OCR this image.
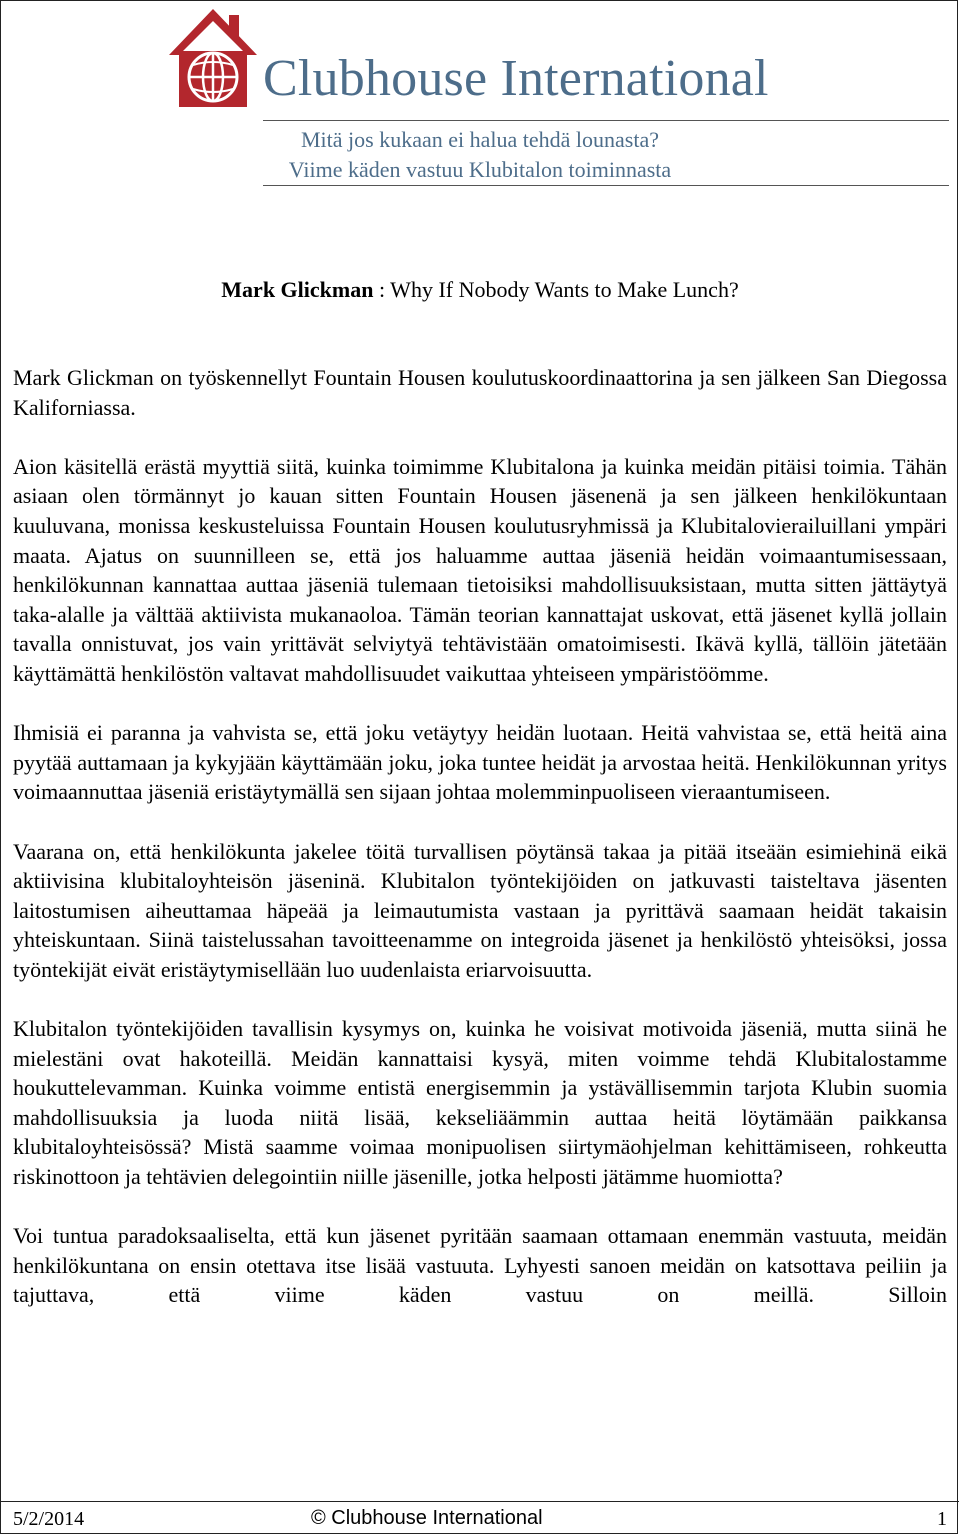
Clubhouse International
Mitä jos kukaan ei halua tehdä lounasta?
Viime käden vastuu Klubitalon toiminnasta
Mark Glickman : Why If Nobody Wants to Make Lunch?

Mark Glickman on työskennellyt Fountain Housen koulutuskoordinaattorina ja sen jälkeen San Diegossa Kaliforniassa.

Aion käsitellä erästä myyttiä siitä, kuinka toimimme Klubitalona ja kuinka meidän pitäisi toimia. Tähän asiaan olen törmännyt jo kauan sitten Fountain Housen jäsenenä ja sen jälkeen henkilökuntaan kuuluvana, monissa keskusteluissa Fountain Housen koulutusryhmissä ja Klubitalovierailuillani ympäri maata. Ajatus on suunnilleen se, että jos haluamme auttaa jäseniä heidän voimaantumisessaan, henkilökunnan kannattaa auttaa jäseniä tulemaan tietoisiksi mahdollisuuksistaan, mutta sitten jättäytyä taka-alalle ja välttää aktiivista mukanaoloa. Tämän teorian kannattajat uskovat, että jäsenet kyllä jollain tavalla onnistuvat, jos vain yrittävät selviytyä tehtävistään omatoimisesti. Ikävä kyllä, tällöin jätetään käyttämättä henkilöstön valtavat mahdollisuudet vaikuttaa yhteiseen ympäristöömme.

Ihmisiä ei paranna ja vahvista se, että joku vetäytyy heidän luotaan. Heitä vahvistaa se, että heitä aina pyytää auttamaan ja kykyjään käyttämään joku, joka tuntee heidät ja arvostaa heitä. Henkilökunnan yritys voimaannuttaa jäseniä eristäytymällä sen sijaan johtaa molemminpuoliseen vieraantumiseen.

Vaarana on, että henkilökunta jakelee töitä turvallisen pöytänsä takaa ja pitää itseään esimiehinä eikä aktiivisina klubitaloyhteisön jäseninä. Klubitalon työntekijöiden on jatkuvasti taisteltava jäsenten laitostumisen aiheuttamaa häpeää ja leimautumista vastaan ja pyrittävä saamaan heidät takaisin yhteiskuntaan. Siinä taistelussahan tavoitteenamme on integroida jäsenet ja henkilöstö yhteisöksi, jossa työntekijät eivät eristäytymisellään luo uudenlaista eriarvoisuutta.

Klubitalon työntekijöiden tavallisin kysymys on, kuinka he voisivat motivoida jäseniä, mutta siinä he mielestäni ovat hakoteillä. Meidän kannattaisi kysyä, miten voimme tehdä Klubitalostamme houkuttelevamman. Kuinka voimme entistä energisemmin ja ystävällisemmin tarjota Klubin suomia mahdollisuuksia ja luoda niitä lisää, kekseliäämmin auttaa heitä löytämään paikkansa klubitaloyhteisössä? Mistä saamme voimaa monipuolisen siirtymäohjelman kehittämiseen, rohkeutta riskinottoon ja tehtävien delegointiin niille jäsenille, jotka helposti jätämme huomiotta?

Voi tuntua paradoksaaliselta, että kun jäsenet pyritään saamaan ottamaan enemmän vastuuta, meidän henkilökuntana on ensin otettava itse lisää vastuuta. Lyhyesti sanoen meidän on katsottava peiliin ja tajuttava, että viime käden vastuu on meillä. Silloin

5/2/2014	© Clubhouse International	1
